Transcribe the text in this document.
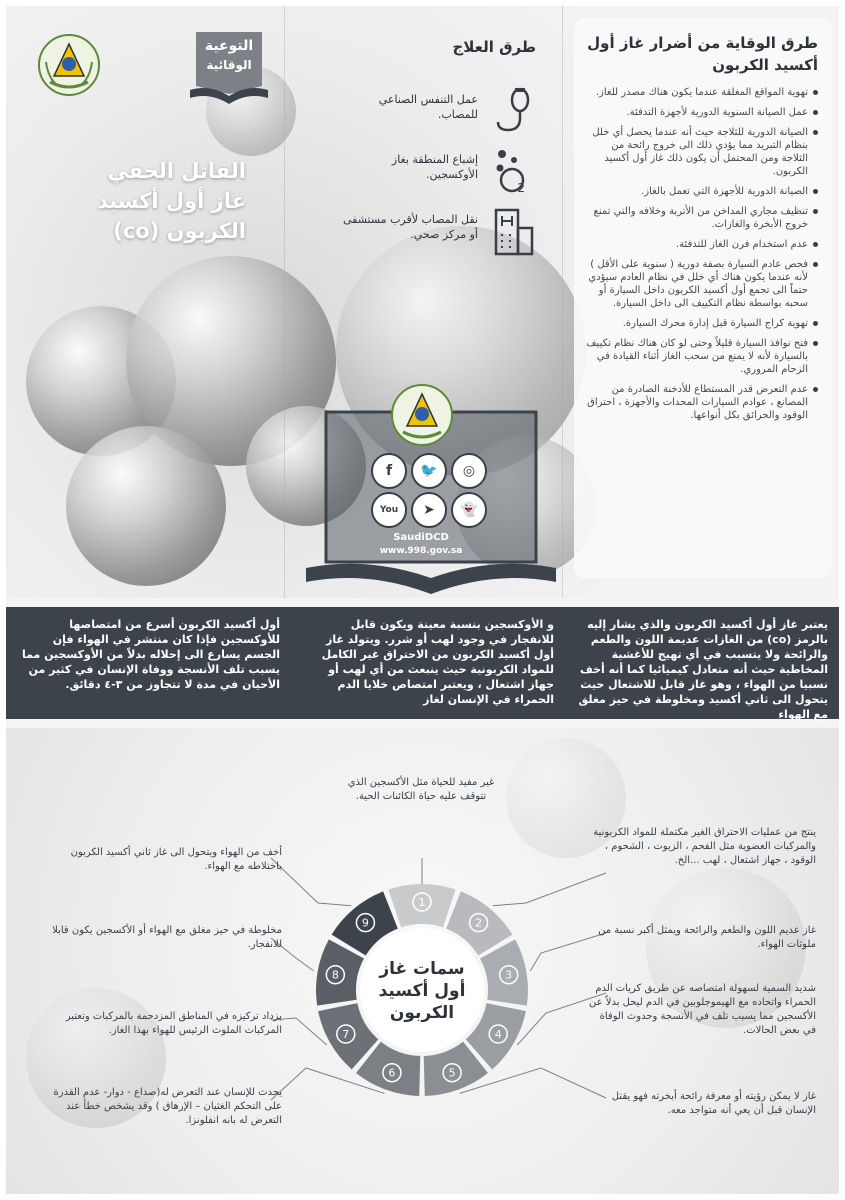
التوعية
الوقائية
القاتل الخفي
غاز أول أكسيد
الكربون (co)
طرق العلاج
عمل التنفس الصناعي للمصاب.
2
إشباع المنطقة بغاز الأوكسجين.
نقل المصاب لأقرب مستشفى أو مركز صحي.
f	🐦	◎
You	➤	👻
SaudiDCD
www.998.gov.sa
طرق الوقاية من أضرار غاز أول أكسيد الكربون
تهوية المواقع المغلقة عندما يكون هناك مصدر للغاز.
عمل الصيانة السنوية الدورية لأجهزة التدفئة.
الصيانة الدورية للثلاجة حيث أنه عندما يحصل أي خلل بنظام التبريد مما يؤدي ذلك الى خروج رائحة من الثلاجة ومن المحتمل أن يكون ذلك غاز أول أكسيد الكربون.
الصيانة الدورية للأجهزة التي تعمل بالغاز.
تنظيف مجاري المداخن من الأتربة وخلافه والتي تمنع خروج الأبخرة والغازات.
عدم استخدام فرن الغاز للتدفئة.
فحص عادم السيارة بصفة دورية ( سنوية على الأقل ) لأنه عندما يكون هناك أي خلل في نظام العادم سيؤدي حتماً الى تجمع أول أكسيد الكربون داخل السيارة أو سحبه بواسطة نظام التكييف الى داخل السيارة.
تهوية كراج السيارة قبل إدارة محرك السيارة.
فتح نوافذ السيارة قليلاً وحتى لو كان هناك نظام تكييف بالسيارة لأنه لا يمنع من سحب الغاز أثناء القيادة في الزحام المروري.
عدم التعرض قدر المستطاع للأدخنة الصادرة من المصانع ، عوادم السيارات المحدات والأجهزة ، احتراق الوقود والحرائق بكل أنواعها.
يعتبر غاز أول أكسيد الكربون والذي يشار إليه بالرمز (co) من الغازات عديمة اللون والطعم والرائحة ولا يتسبب في أي تهيج للأغشية المخاطية حيث أنه متعادل كيميائيا كما أنه أخف نسبيا من الهواء ، وهو غاز قابل للاشتعال حيث يتحول الى ثاني أكسيد ومخلوطة في حيز مغلق مع الهواء
و الأوكسجين بنسبة معينة ويكون قابل للانفجار في وجود لهب أو شرر. ويتولد غاز أول أكسيد الكربون من الاحتراق غير الكامل للمواد الكربونية حيث ينبعث من أي لهب أو جهاز اشتعال ، ويعتبر امتصاص خلايا الدم الحمراء في الإنسان لغاز
أول أكسيد الكربون أسرع من امتصاصها للأوكسجين فإذا كان منتشر في الهواء فإن الجسم يسارع الى إحلاله بدلاً من الأوكسجين مما يسبب تلف الأنسجة ووفاة الإنسان في كثير من الأحيان في مدة لا تتجاوز من ٣-٤ دقائق.
1
2
3
4
5
6
7
8
9
سمات غاز أول أكسيد الكربون
غير مفيد للحياة مثل الأكسجين الذي تتوقف عليه حياة الكائنات الحية.
ينتج من عمليات الاحتراق الغير مكتملة للمواد الكربونية والمركبات العضوية مثل الفحم ، الزيوت ، الشحوم ، الوقود ، جهاز اشتعال ، لهب ...الخ.
غاز عديم اللون والطعم والرائحة ويمثل أكبر نسبة من ملوثات الهواء.
شديد السمية لسهولة امتصاصه عن طريق كريات الدم الحمراء واتحاده مع الهيموجلوبين في الدم ليحل بدلاً عن الأكسجين مما يسبب تلف في الأنسجة وحدوث الوفاة في بعض الحالات.
غاز لا يمكن رؤيته أو معرفة رائحة أبخرته فهو يقتل الإنسان قبل أن يعي أنه متواجد معه.
يحدث للإنسان عند التعرض له(صداع - دوار- عدم القدرة على التحكم الغثيان – الإرهاق ) وقد يشخص خطأ عند التعرض له بانه انفلونزا.
يزداد تركيزه في المناطق المزدحمة بالمركبات وتعتبر المركبات الملوث الرئيس للهواء بهذا الغاز.
مخلوطة في حيز مغلق مع الهواء أو الأكسجين يكون قابلا للانفجار.
أخف من الهواء ويتحول الى غاز ثاني أكسيد الكربون باختلاطه مع الهواء.
